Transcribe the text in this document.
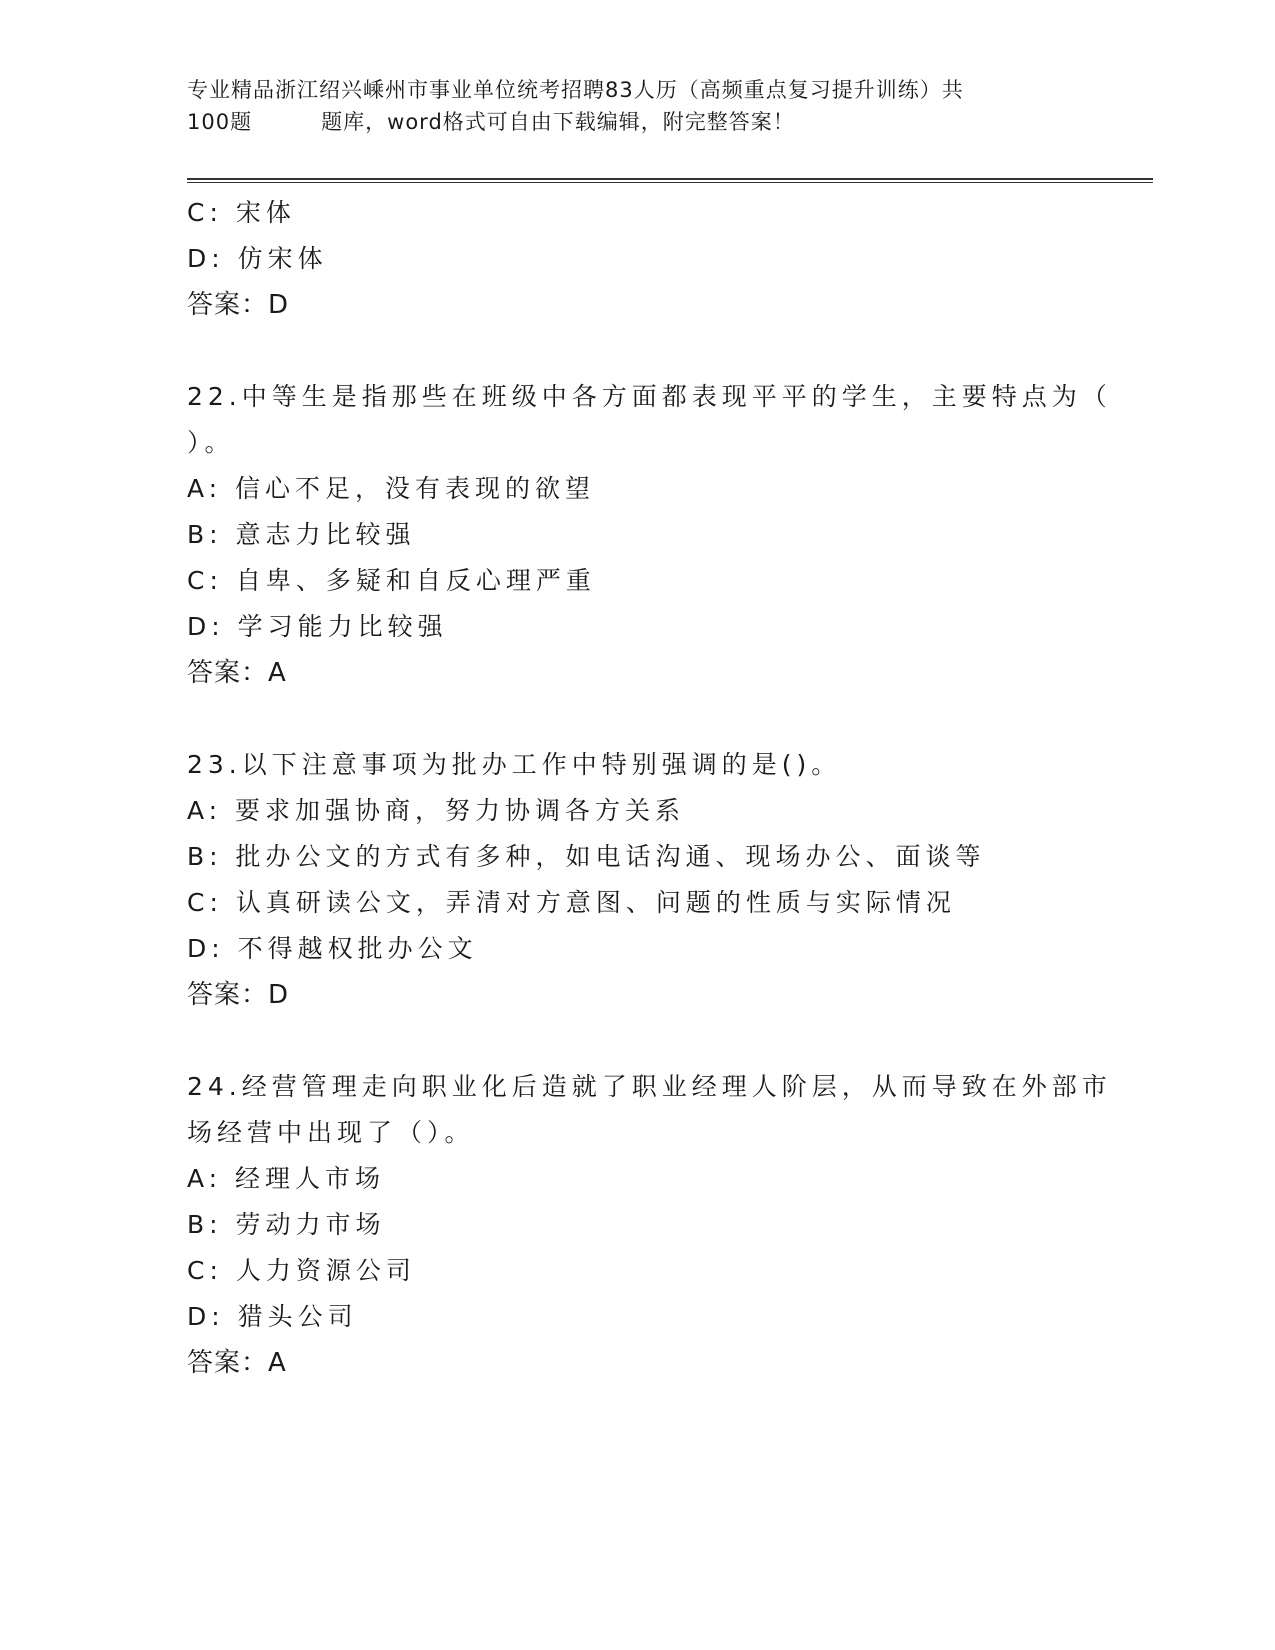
专业精品浙江绍兴嵊州市事业单位统考招聘83人历（高频重点复习提升训练）共
100题         题库，word格式可自由下载编辑，附完整答案！
C: 宋体
D: 仿宋体
答案：D
22.中等生是指那些在班级中各方面都表现平平的学生，主要特点为（
）。
A: 信心不足，没有表现的欲望
B: 意志力比较强
C: 自卑、多疑和自反心理严重
D: 学习能力比较强
答案：A
23.以下注意事项为批办工作中特别强调的是()。
A: 要求加强协商，努力协调各方关系
B: 批办公文的方式有多种，如电话沟通、现场办公、面谈等
C: 认真研读公文，弄清对方意图、问题的性质与实际情况
D: 不得越权批办公文
答案：D
24.经营管理走向职业化后造就了职业经理人阶层，从而导致在外部市
场经营中出现了（）。
A: 经理人市场
B: 劳动力市场
C: 人力资源公司
D: 猎头公司
答案：A
